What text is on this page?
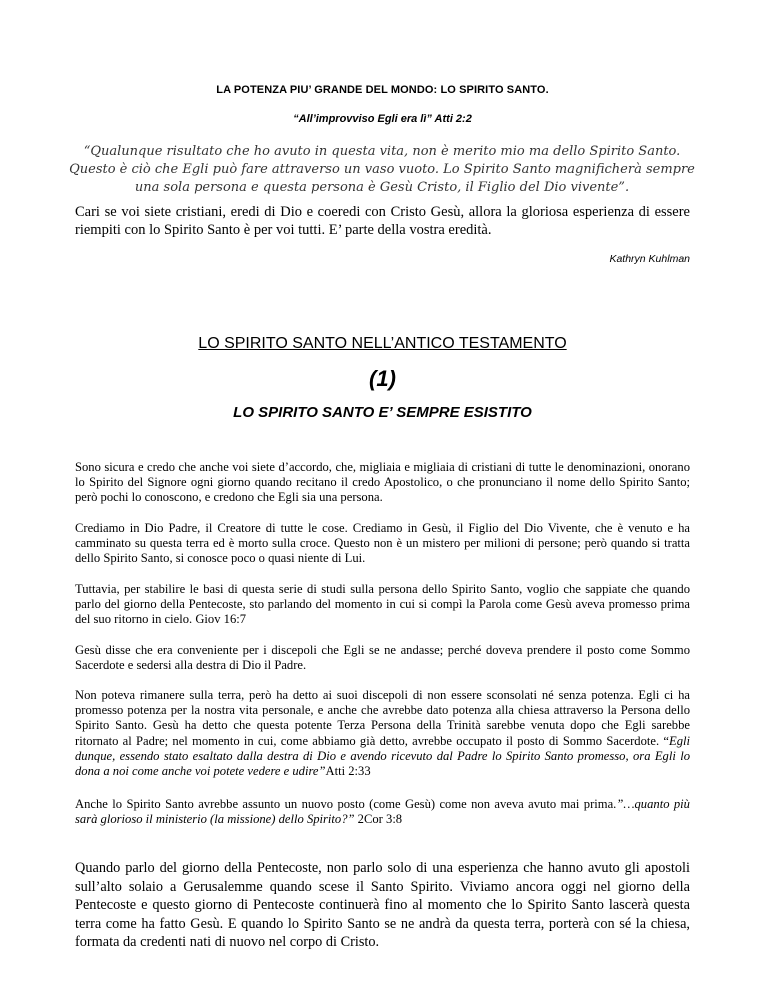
LA POTENZA PIU’ GRANDE DEL MONDO: LO SPIRITO SANTO.

“All’improvviso Egli era lì” Atti 2:2

“Qualunque risultato che ho avuto in questa vita, non è merito mio ma dello Spirito Santo. Questo è ciò che Egli può fare attraverso un vaso vuoto. Lo Spirito Santo magnificherà sempre una sola persona e questa persona è Gesù Cristo, il Figlio del Dio vivente”.

Cari se voi siete cristiani, eredi di Dio e coeredi con Cristo Gesù, allora la gloriosa esperienza di essere riempiti con lo Spirito Santo è per voi tutti. E’ parte della vostra eredità.

Kathryn Kuhlman

LO SPIRITO SANTO NELL’ANTICO TESTAMENTO

(1)

LO SPIRITO SANTO E’ SEMPRE ESISTITO

Sono sicura e credo che anche voi siete d’accordo, che, migliaia e migliaia di cristiani di tutte le denominazioni, onorano lo Spirito del Signore ogni giorno quando recitano il credo Apostolico, o che pronunciano il nome dello Spirito Santo; però pochi lo conoscono, e credono che Egli sia una persona.

Crediamo in Dio Padre, il Creatore di tutte le cose. Crediamo in Gesù, il Figlio del Dio Vivente, che è venuto e ha camminato su questa terra ed è morto sulla croce. Questo non è un mistero per milioni di persone; però quando si tratta dello Spirito Santo, si conosce poco o quasi niente di Lui.

Tuttavia, per stabilire le basi di questa serie di studi sulla persona dello Spirito Santo, voglio che sappiate che quando parlo del giorno della Pentecoste, sto parlando del momento in cui si compì la Parola come Gesù aveva promesso prima del suo ritorno in cielo. Giov 16:7

Gesù disse che era conveniente per i discepoli che Egli se ne andasse; perché doveva prendere il posto come Sommo Sacerdote e sedersi alla destra di Dio il Padre.

Non poteva rimanere sulla terra, però ha detto ai suoi discepoli di non essere sconsolati né senza potenza. Egli ci ha promesso potenza per la nostra vita personale, e anche che avrebbe dato potenza alla chiesa attraverso la Persona dello Spirito Santo. Gesù ha detto che questa potente Terza Persona della Trinità sarebbe venuta dopo che Egli sarebbe ritornato al Padre; nel momento in cui, come abbiamo già detto, avrebbe occupato il posto di Sommo Sacerdote. “Egli dunque, essendo stato esaltato dalla destra di Dio e avendo ricevuto dal Padre lo Spirito Santo promesso, ora Egli lo dona a noi come anche voi potete vedere e udire”Atti 2:33

Anche lo Spirito Santo avrebbe assunto un nuovo posto (come Gesù) come non aveva avuto mai prima.”…quanto più sarà glorioso il ministerio (la missione) dello Spirito?” 2Cor 3:8

Quando parlo del giorno della Pentecoste, non parlo solo di una esperienza che hanno avuto gli apostoli sull’alto solaio a Gerusalemme quando scese il Santo Spirito. Viviamo ancora oggi nel giorno della Pentecoste e questo giorno di Pentecoste continuerà fino al momento che lo Spirito Santo lascerà questa terra come ha fatto Gesù. E quando lo Spirito Santo se ne andrà da questa terra, porterà con sé la chiesa, formata da credenti nati di nuovo nel corpo di Cristo.
